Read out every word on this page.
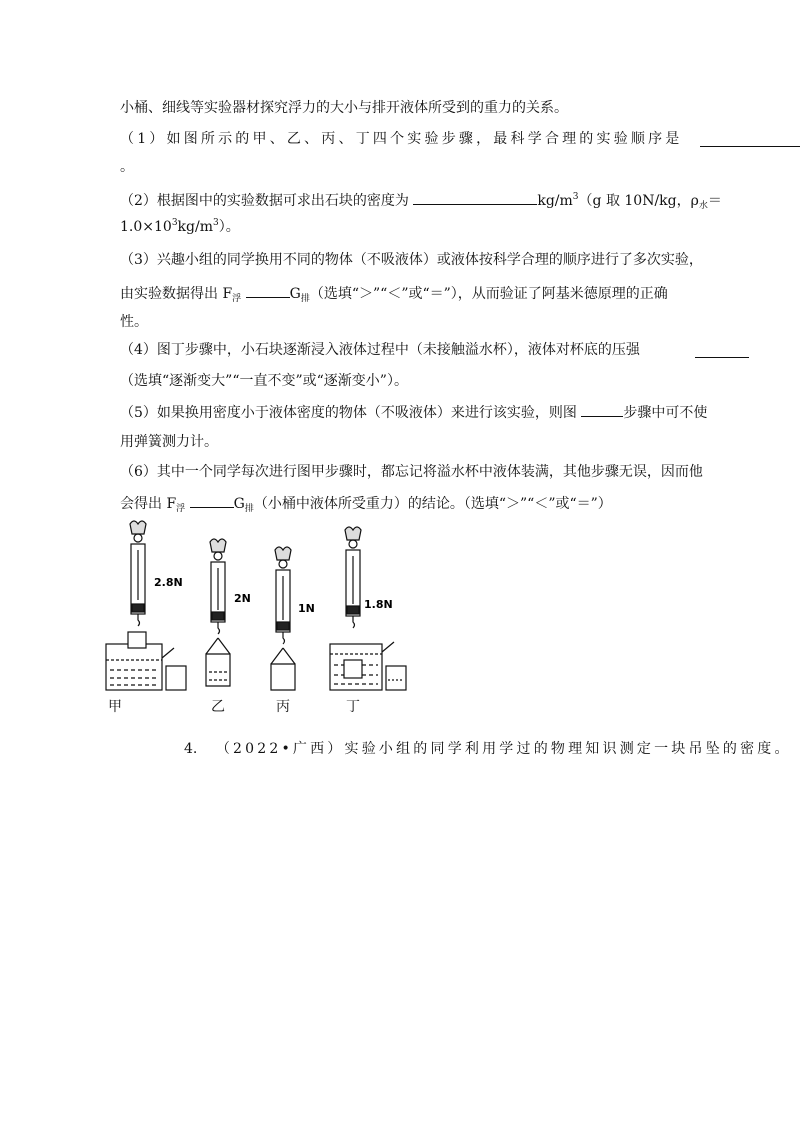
小桶、细线等实验器材探究浮力的大小与排开液体所受到的重力的关系。
（1）如图所示的甲、乙、丙、丁四个实验步骤，最科学合理的实验顺序是
。
（2）根据图中的实验数据可求出石块的密度为	$kg/m^3(g$ 取 10N/kg，$\rho_水=$
$1.0\times 10^3kg/m^3$）。
（3）兴趣小组的同学换用不同的物体（不吸液体）或液体按科学合理的顺序进行了多次实验，
由实验数据得出 $F_浮$	$G_排$（选填“＞”“＜”或“＝”），从而验证了阿基米德原理的正确
性。
（4）图丁步骤中，小石块逐渐浸入液体过程中（未接触溢水杯），液体对杯底的压强
（选填“逐渐变大”“一直不变”或“逐渐变小”）。
（5）如果换用密度小于液体密度的物体（不吸液体）来进行该实验，则图	步骤中可不使
用弹簧测力计。
（6）其中一个同学每次进行图甲步骤时，都忘记将溢水杯中液体装满，其他步骤无误，因而他
会得出 $F_浮$	$G_排$（小桶中液体所受重力）的结论。（选填“＞”“＜”或“＝”）
2.8N
2N
1N	1.8N
甲	乙	丙	丁
4. （2022•广西）实验小组的同学利用学过的物理知识测定一块吊坠的密度。
